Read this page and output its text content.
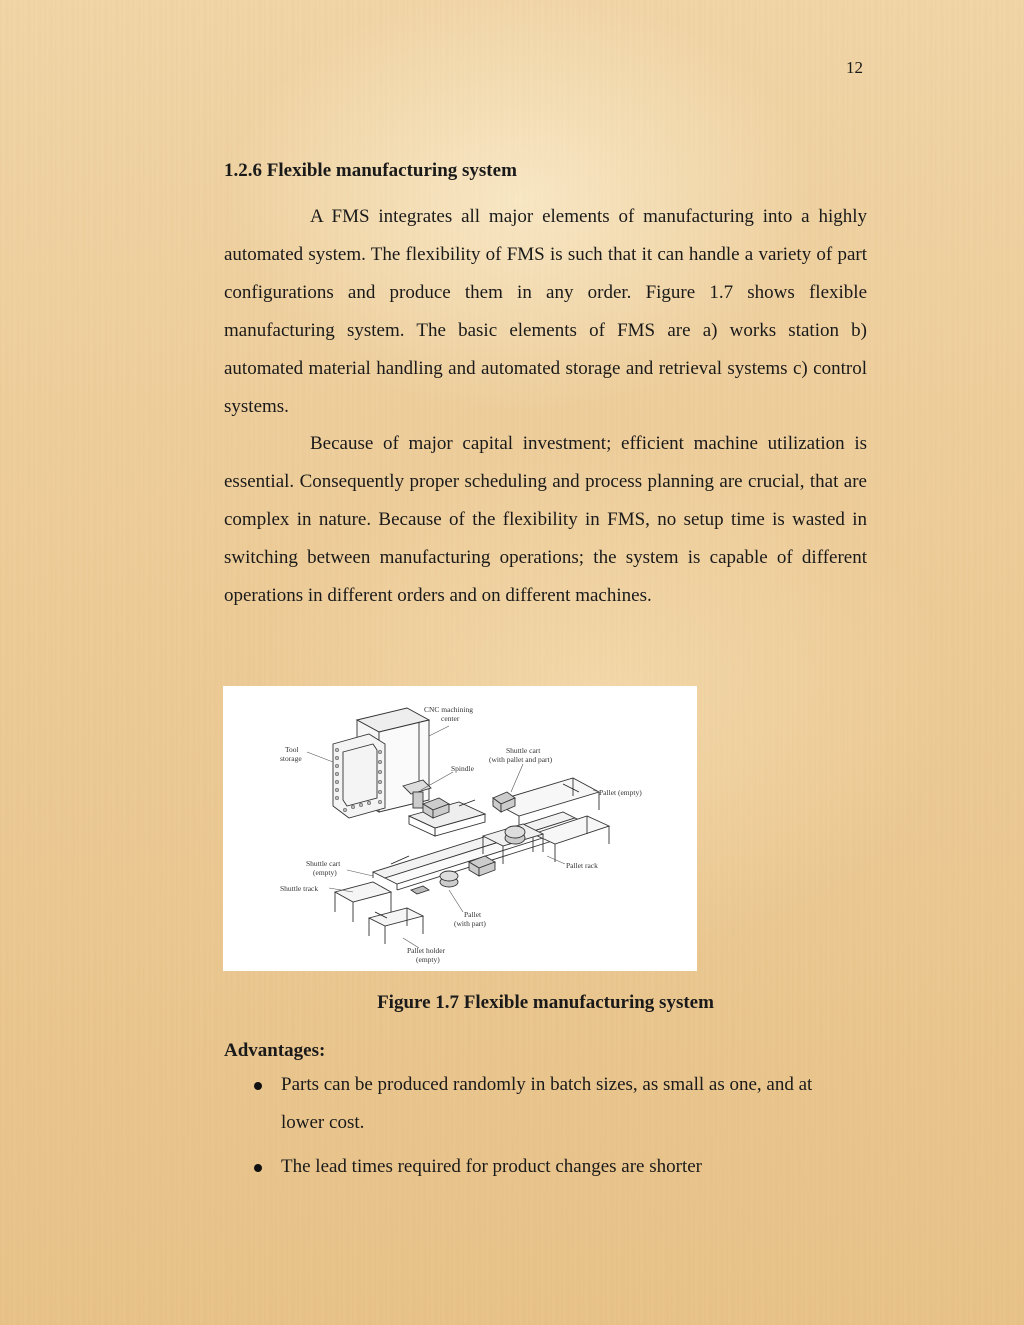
12
1.2.6 Flexible manufacturing system

A FMS integrates all major elements of manufacturing into a highly automated system. The flexibility of FMS is such that it can handle a variety of part configurations and produce them in any order. Figure 1.7 shows flexible manufacturing system. The basic elements of FMS are a) works station b) automated material handling and automated storage and retrieval systems c) control systems.

Because of major capital investment; efficient machine utilization is essential. Consequently proper scheduling and process planning are crucial, that are complex in nature. Because of the flexibility in FMS, no setup time is wasted in switching between manufacturing operations; the system is capable of different operations in different orders and on different machines.

CNC machining
center
Tool
storage
Shuttle cart
(with pallet and part)
Spindle
Pallet (empty)
Shuttle cart
(empty)
Shuttle track
Pallet rack
Pallet
(with part)
Pallet holder
(empty)

Figure 1.7 Flexible manufacturing system

Advantages:
Parts can be produced randomly in batch sizes, as small as one, and at lower cost.
The lead times required for product changes are shorter
